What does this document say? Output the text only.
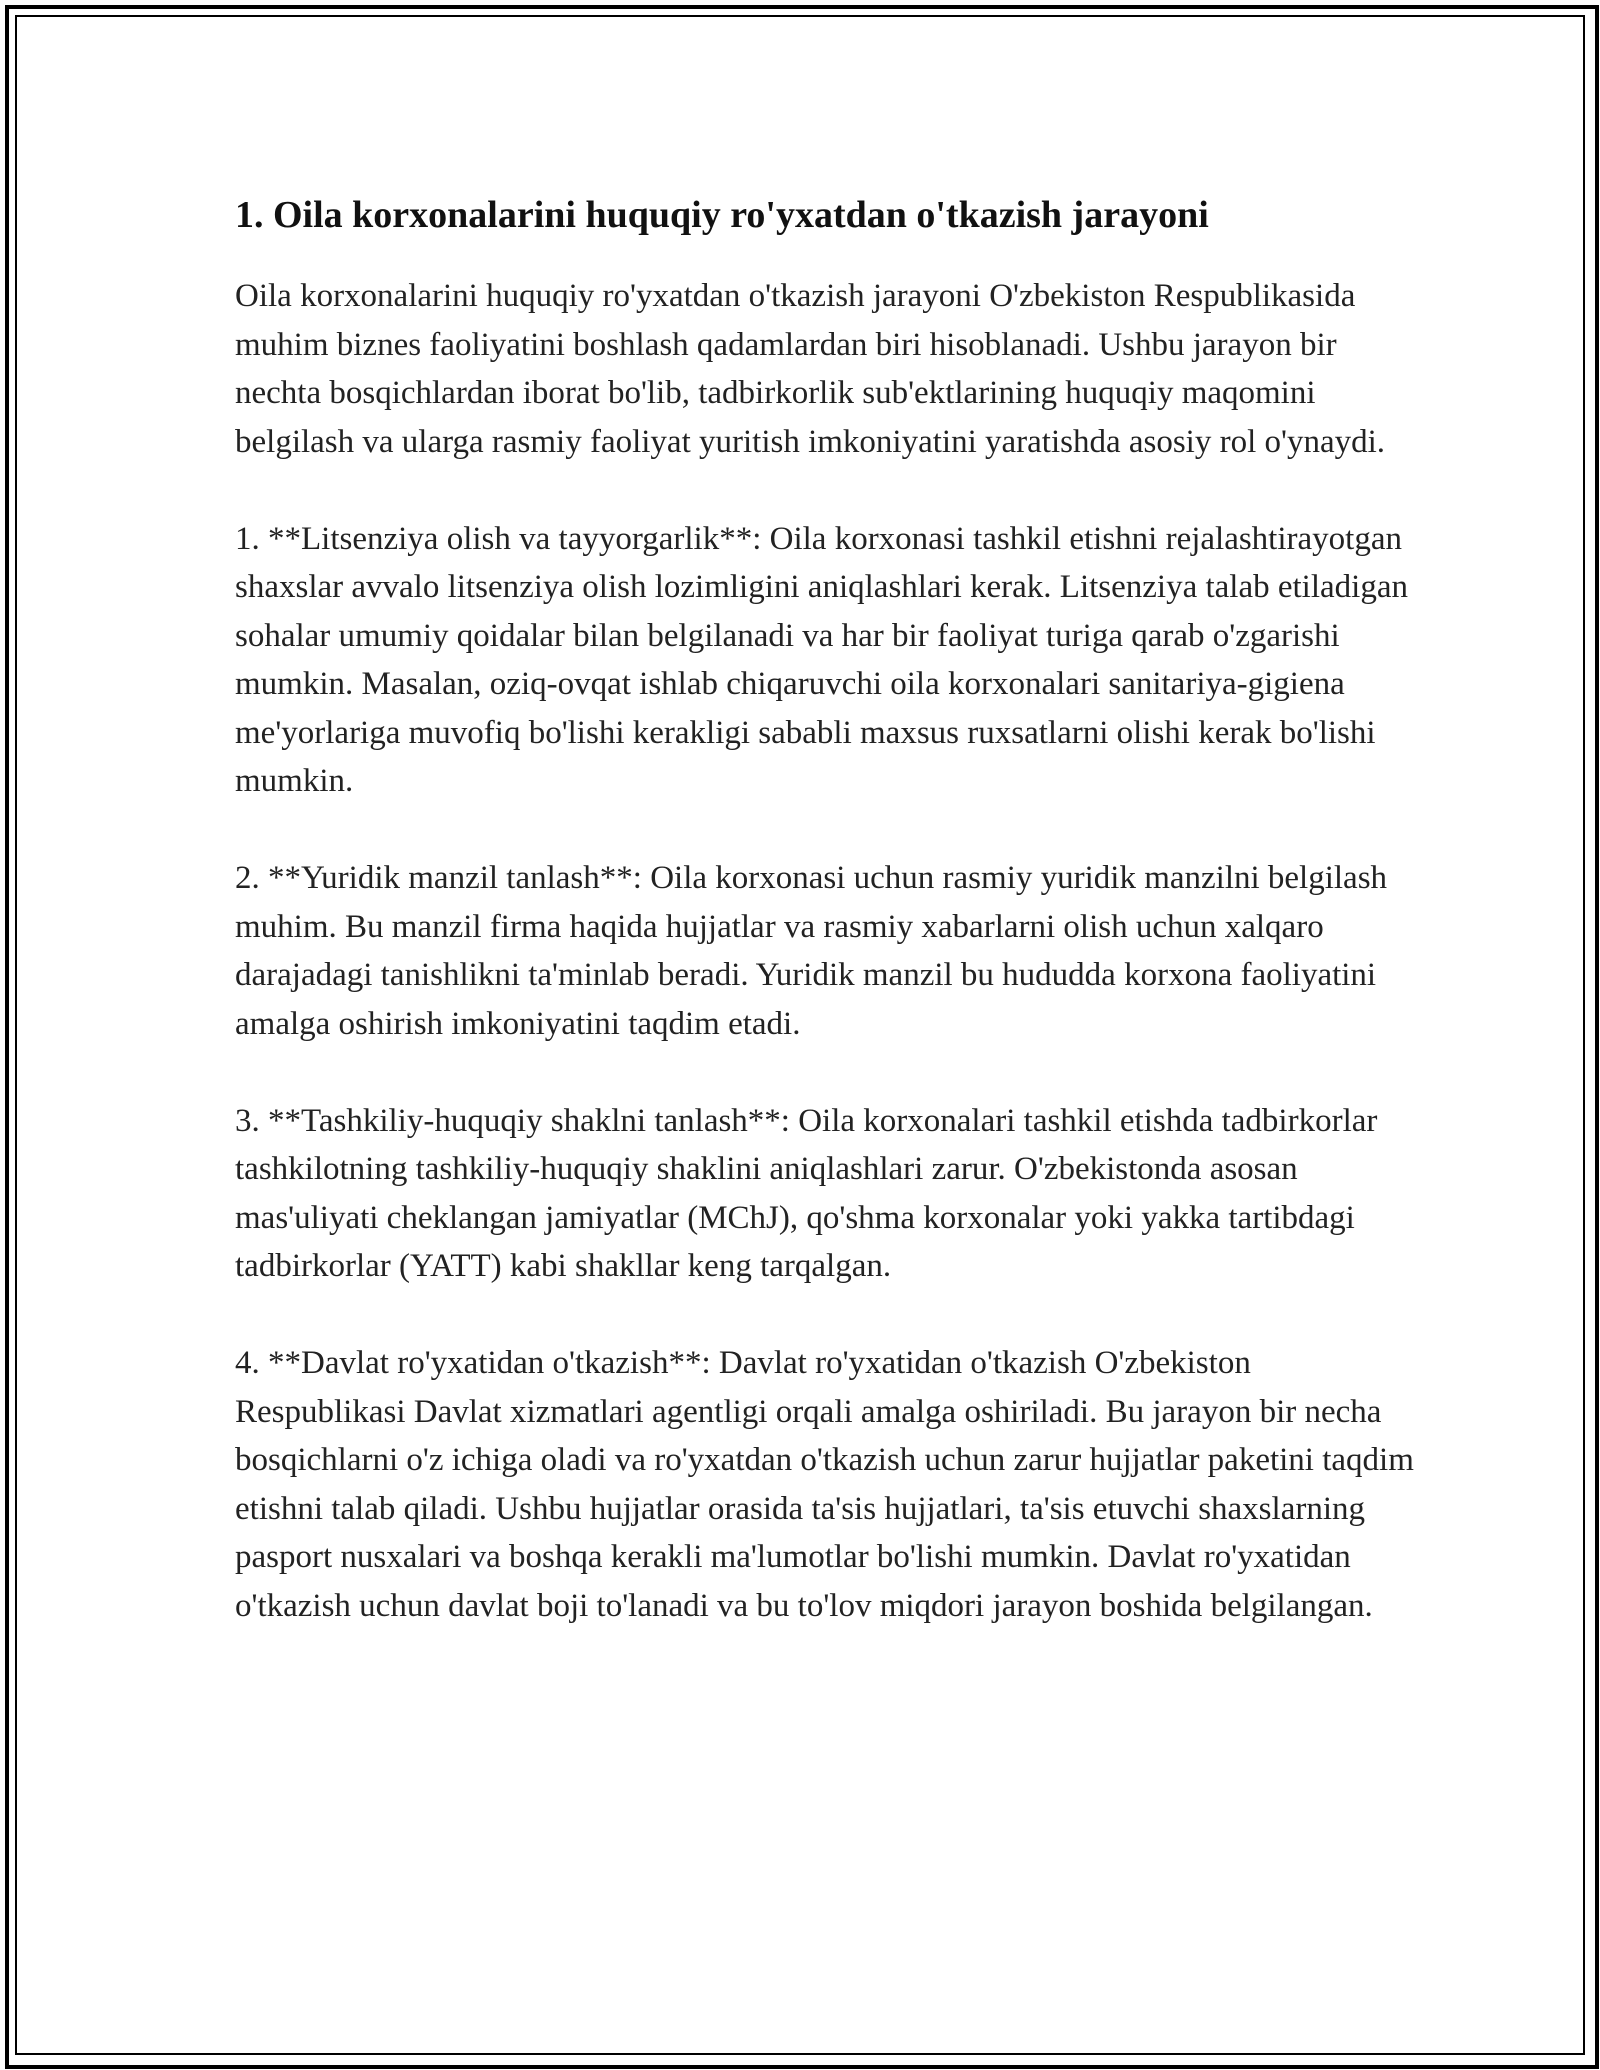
1. Oila korxonalarini huquqiy ro'yxatdan o'tkazish jarayoni

Oila korxonalarini huquqiy ro'yxatdan o'tkazish jarayoni O'zbekiston Respublikasida muhim biznes faoliyatini boshlash qadamlardan biri hisoblanadi. Ushbu jarayon bir nechta bosqichlardan iborat bo'lib, tadbirkorlik sub'ektlarining huquqiy maqomini belgilash va ularga rasmiy faoliyat yuritish imkoniyatini yaratishda asosiy rol o'ynaydi.

1. **Litsenziya olish va tayyorgarlik**: Oila korxonasi tashkil etishni rejalashtirayotgan shaxslar avvalo litsenziya olish lozimligini aniqlashlari kerak. Litsenziya talab etiladigan sohalar umumiy qoidalar bilan belgilanadi va har bir faoliyat turiga qarab o'zgarishi mumkin. Masalan, oziq-ovqat ishlab chiqaruvchi oila korxonalari sanitariya-gigiena me'yorlariga muvofiq bo'lishi kerakligi sababli maxsus ruxsatlarni olishi kerak bo'lishi mumkin.

2. **Yuridik manzil tanlash**: Oila korxonasi uchun rasmiy yuridik manzilni belgilash muhim. Bu manzil firma haqida hujjatlar va rasmiy xabarlarni olish uchun xalqaro darajadagi tanishlikni ta'minlab beradi. Yuridik manzil bu hududda korxona faoliyatini amalga oshirish imkoniyatini taqdim etadi.

3. **Tashkiliy-huquqiy shaklni tanlash**: Oila korxonalari tashkil etishda tadbirkorlar tashkilotning tashkiliy-huquqiy shaklini aniqlashlari zarur. O'zbekistonda asosan mas'uliyati cheklangan jamiyatlar (MChJ), qo'shma korxonalar yoki yakka tartibdagi tadbirkorlar (YATT) kabi shakllar keng tarqalgan.

4. **Davlat ro'yxatidan o'tkazish**: Davlat ro'yxatidan o'tkazish O'zbekiston Respublikasi Davlat xizmatlari agentligi orqali amalga oshiriladi. Bu jarayon bir necha bosqichlarni o'z ichiga oladi va ro'yxatdan o'tkazish uchun zarur hujjatlar paketini taqdim etishni talab qiladi. Ushbu hujjatlar orasida ta'sis hujjatlari, ta'sis etuvchi shaxslarning pasport nusxalari va boshqa kerakli ma'lumotlar bo'lishi mumkin. Davlat ro'yxatidan o'tkazish uchun davlat boji to'lanadi va bu to'lov miqdori jarayon boshida belgilangan.
